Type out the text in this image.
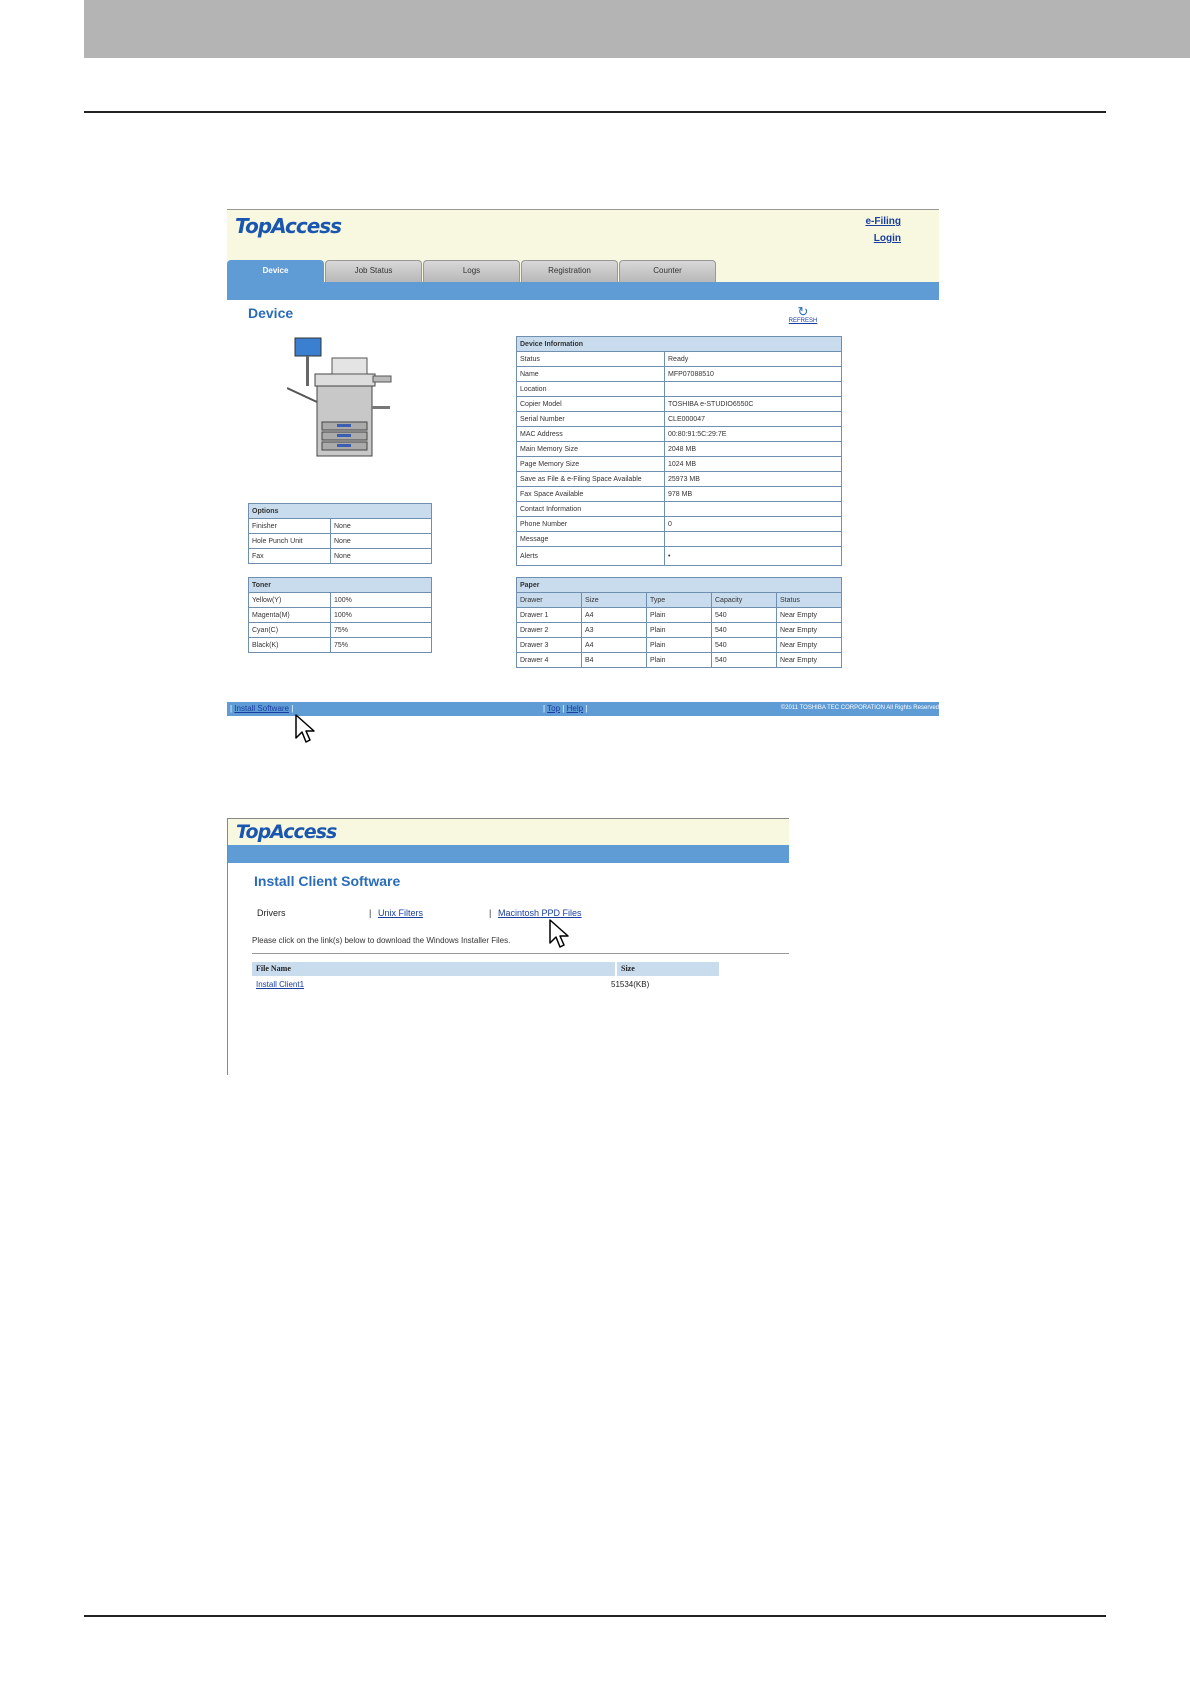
TopAccess	e-Filing
Login
Device	Job Status	Logs	Registration	Counter
Device	↻
REFRESH
Options	
Finisher	None
Hole Punch Unit	None
Fax	None
Toner	
Yellow(Y)	100%
Magenta(M)	100%
Cyan(C)	75%
Black(K)	75%
Device Information	
Status	Ready
Name	MFP07088510
Location	
Copier Model	TOSHIBA e-STUDIO6550C
Serial Number	CLE000047
MAC Address	00:80:91:5C:29:7E
Main Memory Size	2048 MB
Page Memory Size	1024 MB
Save as File & e-Filing Space Available	25973 MB
Fax Space Available	978 MB
Contact Information	
Phone Number	0
Message	
Alerts	•
Paper				
Drawer	Size	Type	Capacity	Status
Drawer 1	A4	Plain	540	Near Empty
Drawer 2	A3	Plain	540	Near Empty
Drawer 3	A4	Plain	540	Near Empty
Drawer 4	B4	Plain	540	Near Empty
| Install Software |	| Top | Help |	©2011 TOSHIBA TEC CORPORATION All Rights Reserved
TopAccess
Install Client Software
Drivers	| Unix Filters	| Macintosh PPD Files
Please click on the link(s) below to download the Windows Installer Files.
File Name	Size
Install Client1	51534(KB)
